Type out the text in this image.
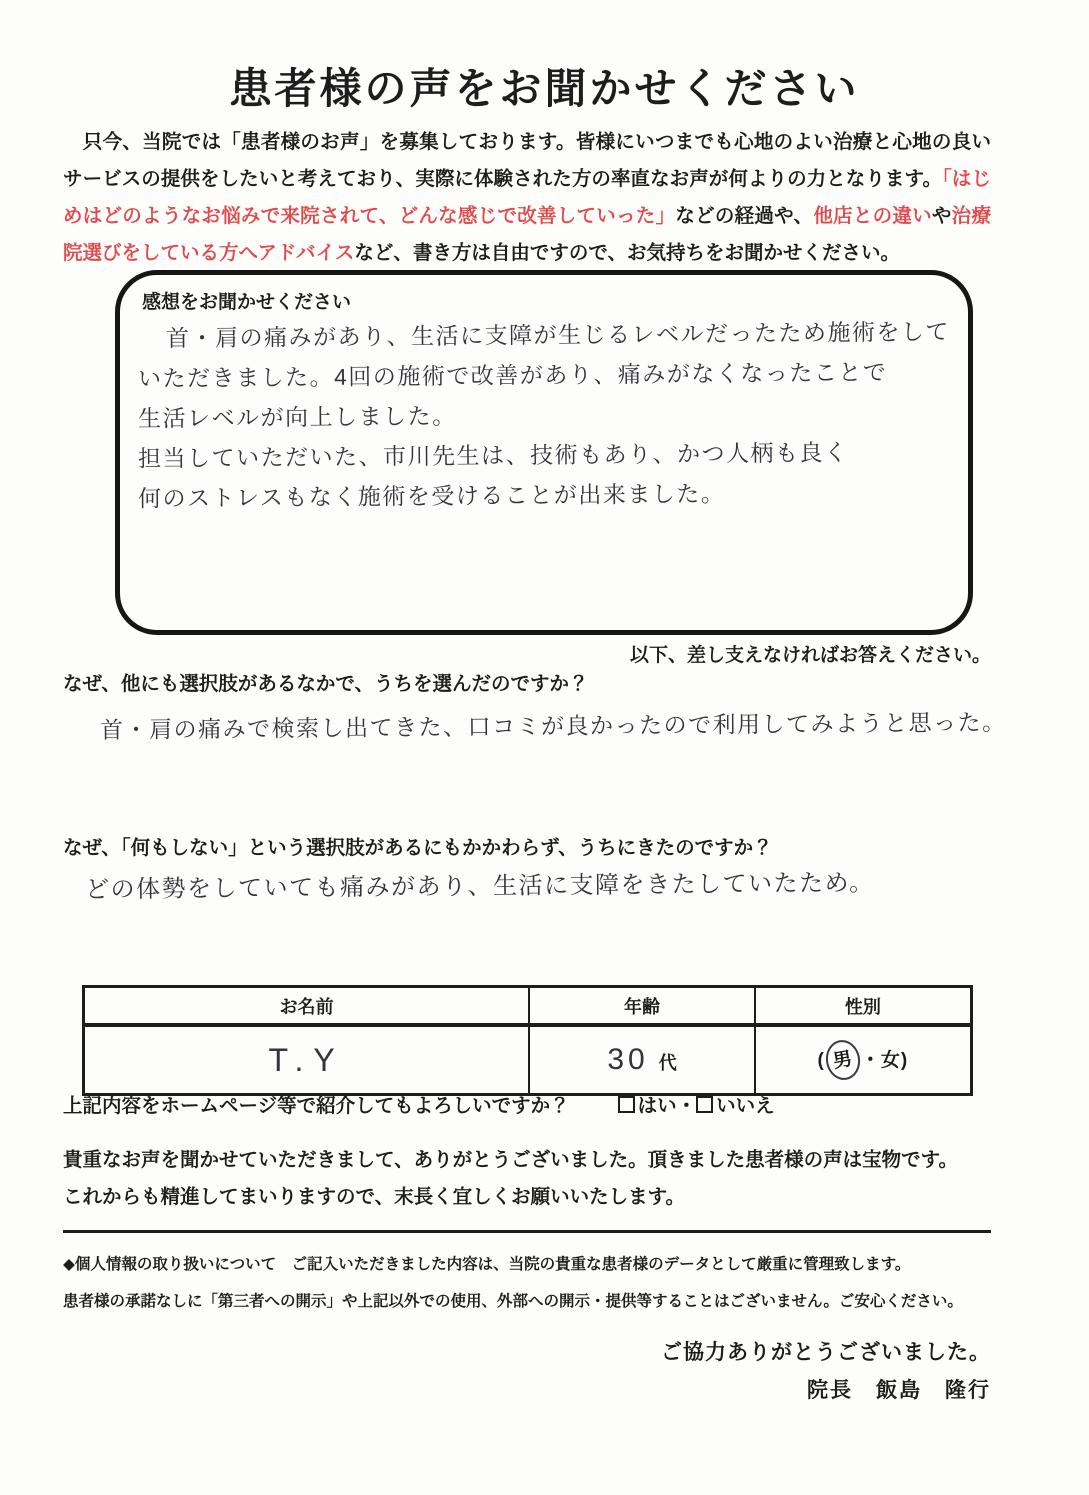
患者様の声をお聞かせください
　只今、当院では「患者様のお声」を募集しております。皆様にいつまでも心地のよい治療と心地の良いサービスの提供をしたいと考えており、実際に体験された方の率直なお声が何よりの力となります。「はじめはどのようなお悩みで来院されて、どんな感じで改善していった」などの経過や、他店との違いや治療院選びをしている方へアドバイスなど、書き方は自由ですので、お気持ちをお聞かせください。
感想をお聞かせください
首・肩の痛みがあり、生活に支障が生じるレベルだったため施術をして
いただきました。4回の施術で改善があり、痛みがなくなったことで
生活レベルが向上しました。
担当していただいた、市川先生は、技術もあり、かつ人柄も良く
何のストレスもなく施術を受けることが出来ました。
以下、差し支えなければお答えください。
なぜ、他にも選択肢があるなかで、うちを選んだのですか？
首・肩の痛みで検索し出てきた、口コミが良かったので利用してみようと思った。
なぜ、「何もしない」という選択肢があるにもかかわらず、うちにきたのですか？
どの体勢をしていても痛みがあり、生活に支障をきたしていたため。
お名前	年齢	性別
T.Y	30 代	( 男 ・女)
上記内容をホームページ等で紹介してもよろしいですか？	はい・ いいえ
貴重なお声を聞かせていただきまして、ありがとうございました。頂きました患者様の声は宝物です。
これからも精進してまいりますので、末長く宜しくお願いいたします。
◆個人情報の取り扱いについて　ご記入いただきました内容は、当院の貴重な患者様のデータとして厳重に管理致します。
患者様の承諾なしに「第三者への開示」や上記以外での使用、外部への開示・提供等することはございません。ご安心ください。
ご協力ありがとうございました。
院長　飯島　隆行
